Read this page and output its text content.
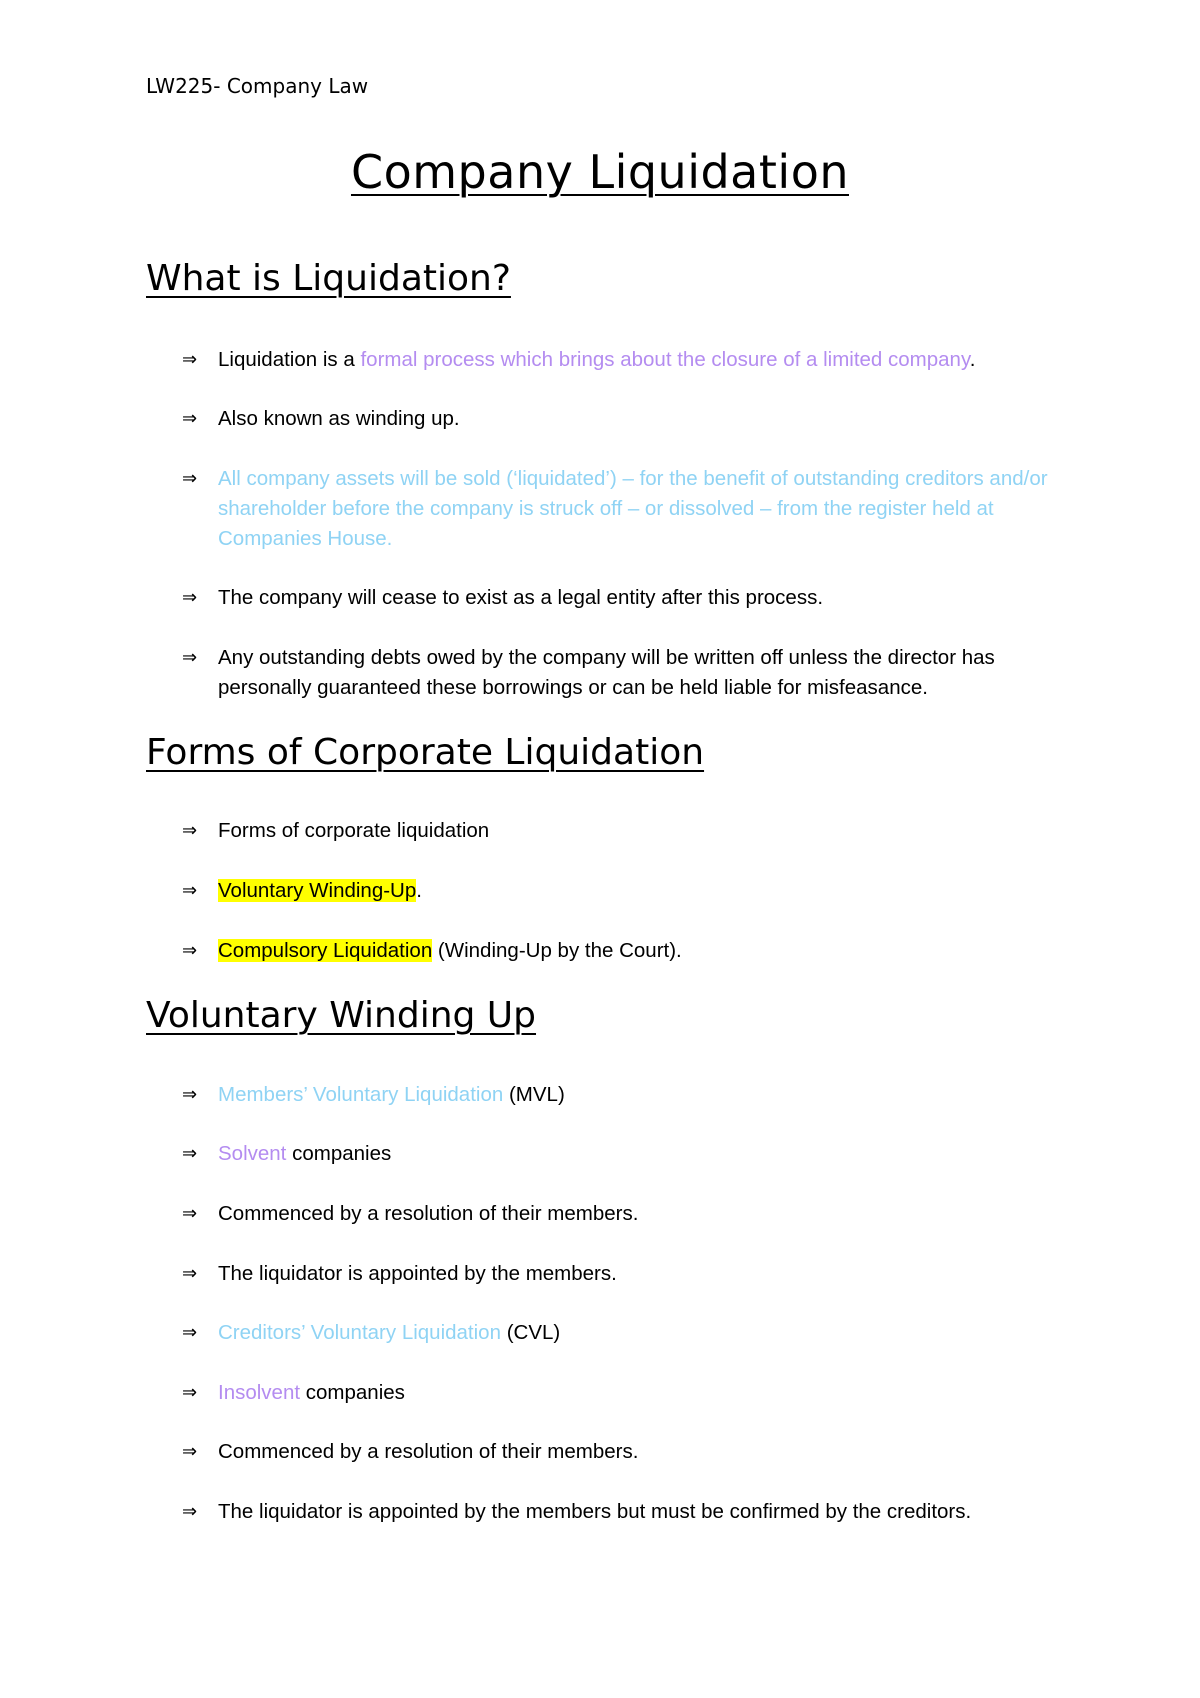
LW225- Company Law
Company Liquidation
What is Liquidation?
⇒	Liquidation is a formal process which brings about the closure of a limited company.
⇒	Also known as winding up.
⇒	All company assets will be sold (‘liquidated’) – for the benefit of outstanding creditors and/or shareholder before the company is struck off – or dissolved – from the register held at Companies House.
⇒	The company will cease to exist as a legal entity after this process.
⇒	Any outstanding debts owed by the company will be written off unless the director has personally guaranteed these borrowings or can be held liable for misfeasance.
Forms of Corporate Liquidation
⇒	Forms of corporate liquidation
⇒	Voluntary Winding-Up.
⇒	Compulsory Liquidation (Winding-Up by the Court).
Voluntary Winding Up
⇒	Members’ Voluntary Liquidation (MVL)
⇒	Solvent companies
⇒	Commenced by a resolution of their members.
⇒	The liquidator is appointed by the members.
⇒	Creditors’ Voluntary Liquidation (CVL)
⇒	Insolvent companies
⇒	Commenced by a resolution of their members.
⇒	The liquidator is appointed by the members but must be confirmed by the creditors.
